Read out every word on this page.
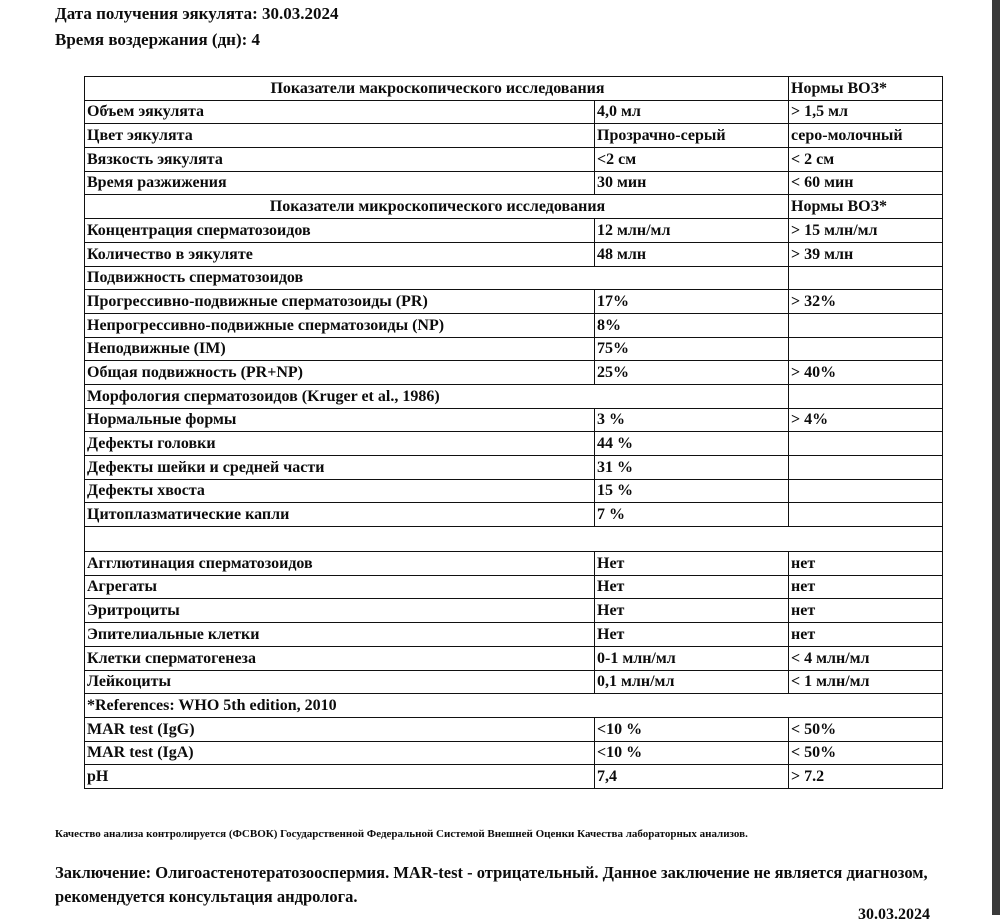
Дата получения эякулята: 30.03.2024
Время воздержания (дн): 4
Показатели макроскопического исследования		Нормы ВОЗ*
Объем эякулята	4,0 мл	> 1,5 мл
Цвет эякулята	Прозрачно-серый	серо-молочный
Вязкость эякулята	<2 см	< 2 см
Время разжижения	30 мин	< 60 мин
Показатели микроскопического исследования		Нормы ВОЗ*
Концентрация сперматозоидов	12 млн/мл	> 15 млн/мл
Количество в эякуляте	48 млн	> 39 млн
Подвижность сперматозоидов		
Прогрессивно-подвижные сперматозоиды (PR)	17%	> 32%
Непрогрессивно-подвижные сперматозоиды (NP)	8%	
Неподвижные (IM)	75%	
Общая подвижность (PR+NP)	25%	> 40%
Морфология сперматозоидов (Kruger et al., 1986)		
Нормальные формы	3 %	> 4%
Дефекты головки	44 %	
Дефекты шейки и средней части	31 %	
Дефекты хвоста	15 %	
Цитоплазматические капли	7 %	

Агглютинация сперматозоидов	Нет	нет
Агрегаты	Нет	нет
Эритроциты	Нет	нет
Эпителиальные клетки	Нет	нет
Клетки сперматогенеза	0-1 млн/мл	< 4 млн/мл
Лейкоциты	0,1 млн/мл	< 1 млн/мл
*References: WHO 5th edition, 2010		
MAR test (IgG)	<10 %	< 50%
MAR test (IgA)	<10 %	< 50%
pH	7,4	> 7.2
Качество анализа контролируется (ФСВОК) Государственной Федеральной Системой Внешней Оценки Качества лабораторных анализов.
Заключение: Олигоастенотератозооспермия. MAR-test - отрицательный. Данное заключение не является диагнозом, рекомендуется консультация андролога.
30.03.2024
